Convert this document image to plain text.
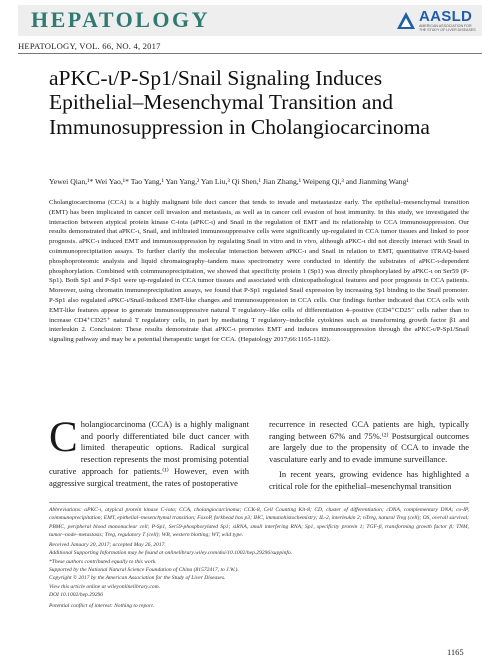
HEPATOLOGY	AASLD
AMERICAN ASSOCIATION FOR THE STUDY OF LIVER DISEASES
HEPATOLOGY, VOL. 66, NO. 4, 2017
aPKC-ι/P-Sp1/Snail Signaling Induces Epithelial–Mesenchymal Transition and Immunosuppression in Cholangiocarcinoma
Yewei Qian,¹* Wei Yao,¹* Tao Yang,¹ Yan Yang,² Yan Liu,³ Qi Shen,¹ Jian Zhang,¹ Weipeng Qi,³ and Jianming Wang¹
Cholangiocarcinoma (CCA) is a highly malignant bile duct cancer that tends to invade and metastasize early. The epithelial–mesenchymal transition (EMT) has been implicated in cancer cell invasion and metastasis, as well as in cancer cell evasion of host immunity. In this study, we investigated the interaction between atypical protein kinase C-iota (aPKC-ι) and Snail in the regulation of EMT and its relationship to CCA immunosuppression. Our results demonstrated that aPKC-ι, Snail, and infiltrated immunosuppressive cells were significantly up-regulated in CCA tumor tissues and linked to poor prognosis. aPKC-ι induced EMT and immunosuppression by regulating Snail in vitro and in vivo, although aPKC-ι did not directly interact with Snail in coimmunoprecipitation assays. To further clarify the molecular interaction between aPKC-ι and Snail in relation to EMT, quantitative iTRAQ-based phosphoproteomic analysis and liquid chromatography–tandem mass spectrometry were conducted to identify the substrates of aPKC-ι-dependent phosphorylation. Combined with coimmunoprecipitation, we showed that specificity protein 1 (Sp1) was directly phosphorylated by aPKC-ι on Ser59 (P-Sp1). Both Sp1 and P-Sp1 were up-regulated in CCA tumor tissues and associated with clinicopathological features and poor prognosis in CCA patients. Moreover, using chromatin immunoprecipitation assays, we found that P-Sp1 regulated Snail expression by increasing Sp1 binding to the Snail promoter. P-Sp1 also regulated aPKC-ι/Snail-induced EMT-like changes and immunosuppression in CCA cells. Our findings further indicated that CCA cells with EMT-like features appear to generate immunosuppressive natural T regulatory–like cells of differentiation 4–positive (CD4⁺CD25⁻ cells rather than to increase CD4⁺CD25⁺ natural T regulatory cells, in part by mediating T regulatory–inducible cytokines such as transforming growth factor β1 and interleukin 2. Conclusion: These results demonstrate that aPKC-ι promotes EMT and induces immunosuppression through the aPKC-ι/P-Sp1/Snail signaling pathway and may be a potential therapeutic target for CCA. (Hepatology 2017;66:1165-1182).
Cholangiocarcinoma (CCA) is a highly malignant and poorly differentiated bile duct cancer with limited therapeutic options. Radical surgical resection represents the most promising potential curative approach for patients.⁽¹⁾ However, even with aggressive surgical treatment, the rates of postoperative

recurrence in resected CCA patients are high, typically ranging between 67% and 75%.⁽²⁾ Postsurgical outcomes are largely due to the propensity of CCA to invade the vasculature early and to evade immune surveillance.

In recent years, growing evidence has highlighted a critical role for the epithelial–mesenchymal transition

Abbreviations: aPKC-ι, atypical protein kinase C-iota; CCA, cholangiocarcinoma; CCK-8, Cell Counting Kit-8; CD, cluster of differentiation; cDNA, complementary DNA; co-IP, coimmunoprecipitation; EMT, epithelial–mesenchymal transition; FoxoP, forkhead box p3; IHC, immunohistochemistry; IL-2, interleukin 2; nTreg, natural Treg (cell); OS, overall survival; PBMC, peripheral blood mononuclear cell; P-Sp1, Ser59-phosphorylated Sp1; siRNA, small interfering RNA; Sp1, specificity protein 1; TGF-β, transforming growth factor β; TNM, tumor–node–metastasis; Treg, regulatory T (cell); WB, western blotting; WT, wild type.

Received January 20, 2017; accepted May 26, 2017.

Additional Supporting Information may be found at onlinelibrary.wiley.com/doi/10.1002/hep.29296/suppinfo.

*These authors contributed equally to this work.

Supported by the National Natural Science Foundation of China (81572417, to J.W.).

Copyright © 2017 by the American Association for the Study of Liver Diseases.

View this article online at wileyonlinelibrary.com.

DOI 10.1002/hep.29296

Potential conflict of interest: Nothing to report.

1165
